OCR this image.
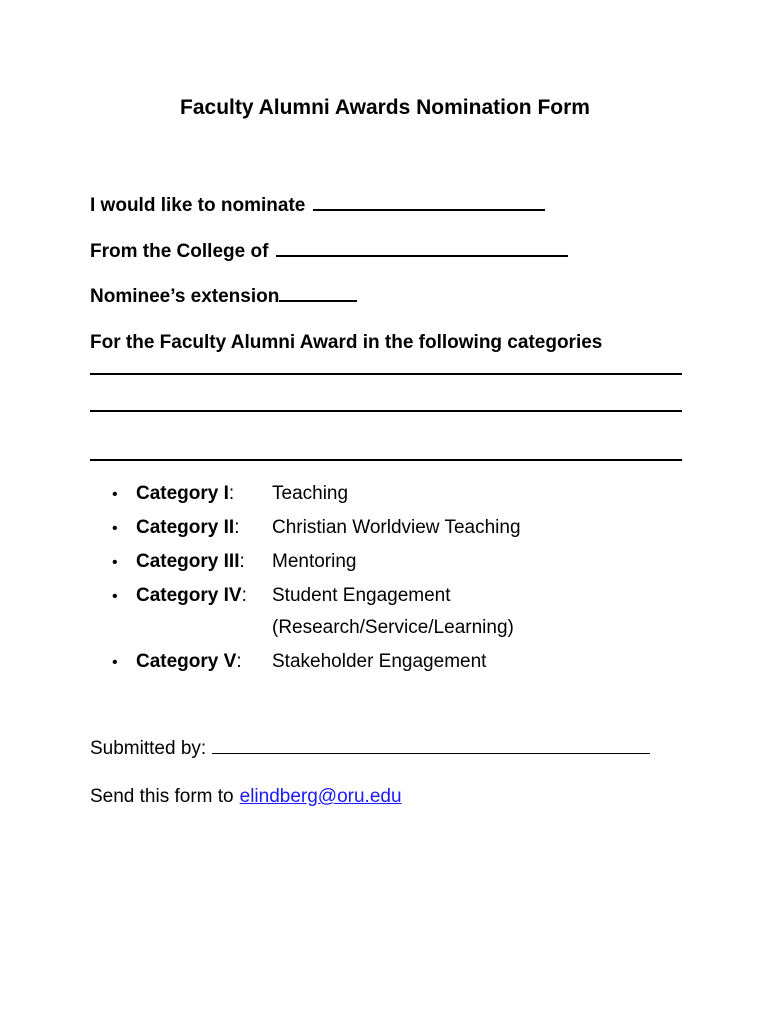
Faculty Alumni Awards Nomination Form
I would like to nominate
From the College of
Nominee’s extension
For the Faculty Alumni Award in the following categories
• Category I:	Teaching
• Category II:	Christian Worldview Teaching
• Category III:	Mentoring
• Category IV:	Student Engagement (Research/Service/Learning)
• Category V:	Stakeholder Engagement
Submitted by:
Send this form to elindberg@oru.edu
